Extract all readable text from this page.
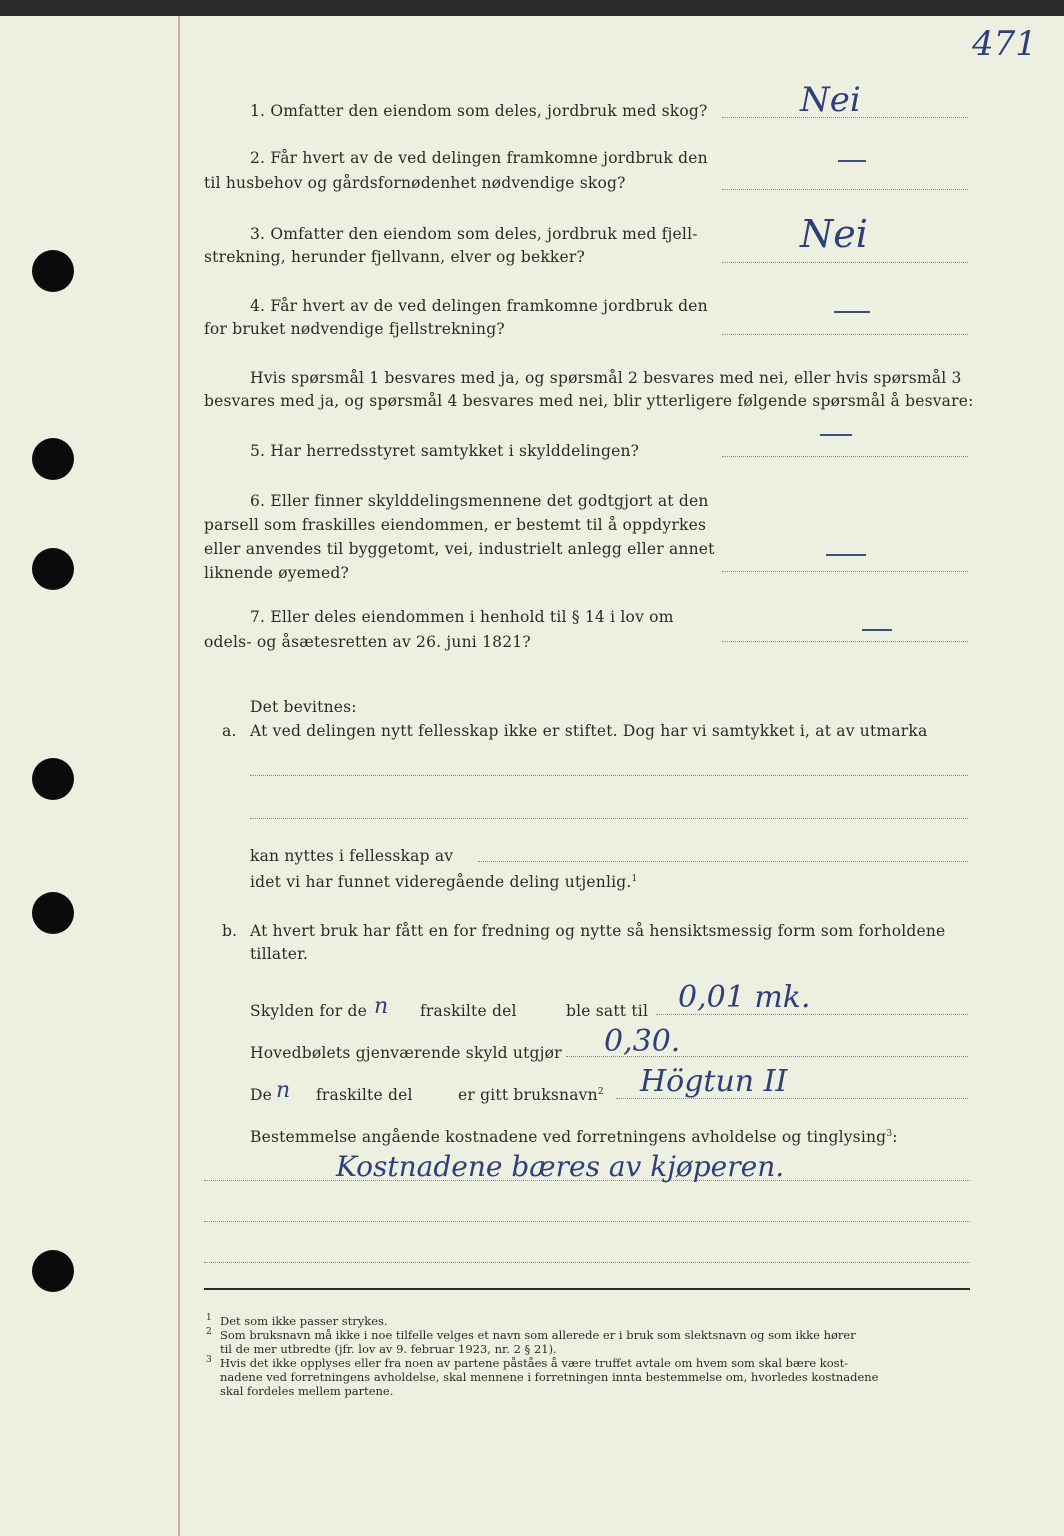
471
1. Omfatter den eiendom som deles, jordbruk med skog?	Nei
2. Får hvert av de ved delingen framkomne jordbruk den
til husbehov og gårdsfornødenhet nødvendige skog?
3. Omfatter den eiendom som deles, jordbruk med fjell-
strekning, herunder fjellvann, elver og bekker?
Nei
4. Får hvert av de ved delingen framkomne jordbruk den
for bruket nødvendige fjellstrekning?
Hvis spørsmål 1 besvares med ja, og spørsmål 2 besvares med nei, eller hvis spørsmål 3
besvares med ja, og spørsmål 4 besvares med nei, blir ytterligere følgende spørsmål å besvare:
5. Har herredsstyret samtykket i skylddelingen?
6. Eller finner skylddelingsmennene det godtgjort at den
parsell som fraskilles eiendommen, er bestemt til å oppdyrkes
eller anvendes til byggetomt, vei, industrielt anlegg eller annet
liknende øyemed?
7. Eller deles eiendommen i henhold til § 14 i lov om
odels- og åsætesretten av 26. juni 1821?
Det bevitnes:
a. At ved delingen nytt fellesskap ikke er stiftet. Dog har vi samtykket i, at av utmarka
kan nyttes i fellesskap av
idet vi har funnet videregående deling utjenlig.$^1$
b. At hvert bruk har fått en for fredning og nytte så hensiktsmessig form som forholdene
tillater.
Skylden for de n fraskilte del	ble satt til 0,01 mk.
Hovedbølets gjenværende skyld utgjør 0,30.
De n fraskilte del	er gitt bruksnavn$^2$ Högtun II
Bestemmelse angående kostnadene ved forretningens avholdelse og tinglysing$^3$:
Kostnadene bæres av kjøperen.
$^1$ Det som ikke passer strykes.
$^2$ Som bruksnavn må ikke i noe tilfelle velges et navn som allerede er i bruk som slektsnavn og som ikke hører
til de mer utbredte (jfr. lov av 9. februar 1923, nr. 2 § 21).
$^3$ Hvis det ikke opplyses eller fra noen av partene påståes å være truffet avtale om hvem som skal bære kost-
nadene ved forretningens avholdelse, skal mennene i forretningen innta bestemmelse om, hvorledes kostnadene
skal fordeles mellem partene.
